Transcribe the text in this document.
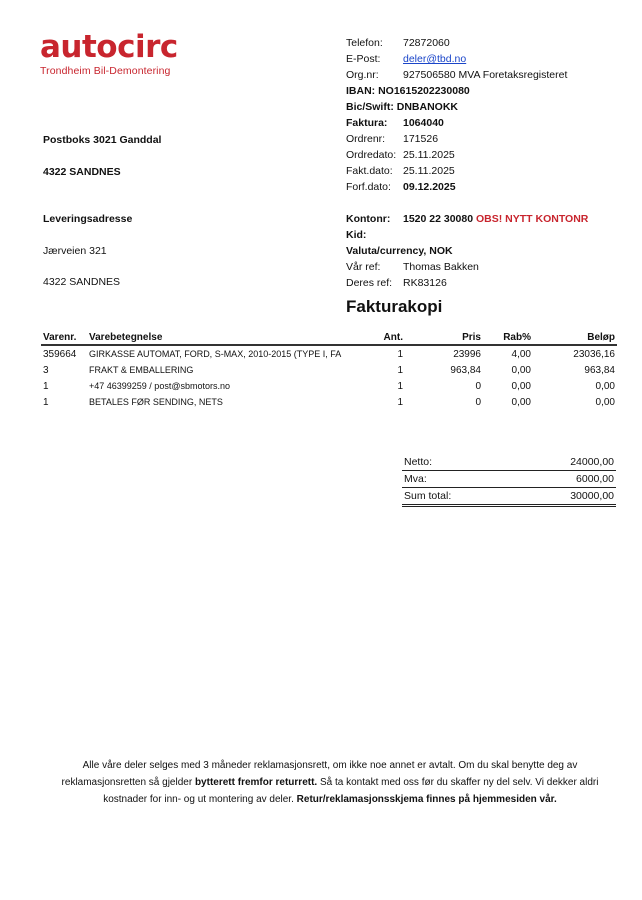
autocirc
Trondheim Bil-Demontering
Telefon: 72872060
E-Post: deler@tbd.no
Org.nr: 927506580 MVA Foretaksregisteret
IBAN: NO1615202230080
Bic/Swift: DNBANOKK
Faktura: 1064040
Ordrenr: 171526
Ordredato: 25.11.2025
Fakt.dato: 25.11.2025
Forf.dato: 09.12.2025
Kontonr: 1520 22 30080 OBS! NYTT KONTONR
Kid:
Valuta/currency, NOK
Vår ref: Thomas Bakken
Deres ref: RK83126
Postboks 3021 Ganddal
4322 SANDNES
Leveringsadresse
Jærveien 321
4322 SANDNES
Fakturakopi
Varenr.	Varebetegnelse	Ant.	Pris	Rab%	Beløp
359664	GIRKASSE AUTOMAT, FORD, S-MAX, 2010-2015 (TYPE I, FA	1	23996	4,00	23036,16
3	FRAKT & EMBALLERING	1	963,84	0,00	963,84
1	+47 46399259 / post@sbmotors.no	1	0	0,00	0,00
1	BETALES FØR SENDING, NETS	1	0	0,00	0,00
Netto:	24000,00
Mva:	6000,00
Sum total:	30000,00
Alle våre deler selges med 3 måneder reklamasjonsrett, om ikke noe annet er avtalt. Om du skal benytte deg av reklamasjonsretten så gjelder bytterett fremfor returrett. Så ta kontakt med oss før du skaffer ny del selv. Vi dekker aldri kostnader for inn- og ut montering av deler. Retur/reklamasjonsskjema finnes på hjemmesiden vår.
